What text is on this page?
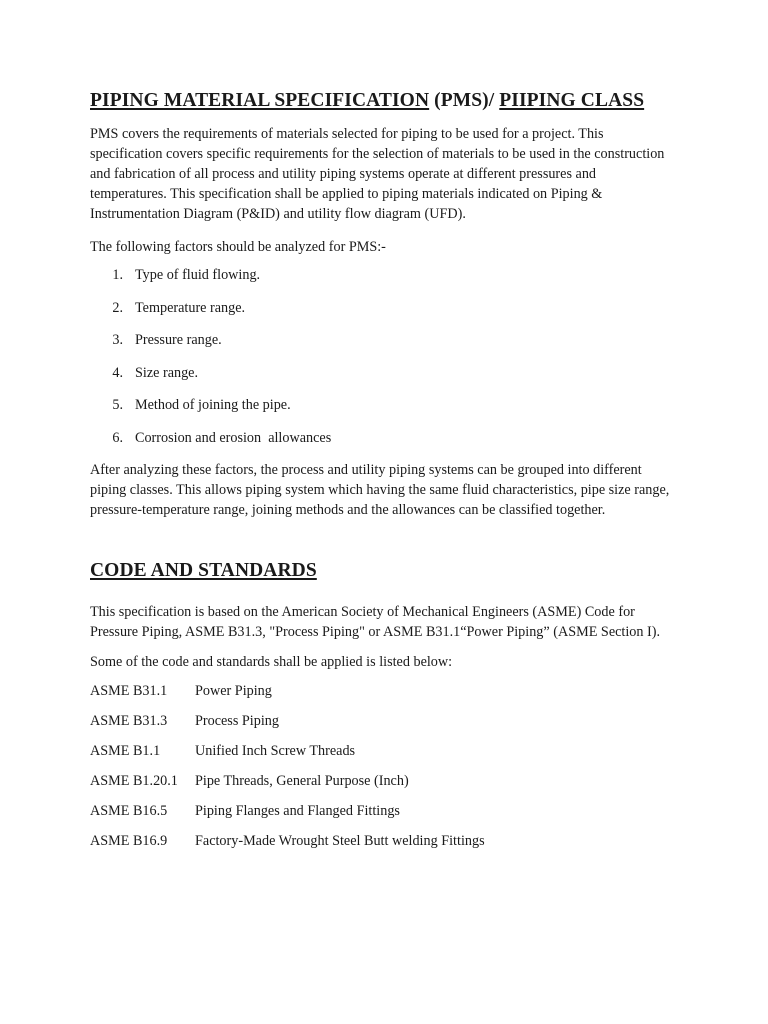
PIPING MATERIAL SPECIFICATION (PMS)/ PIIPING CLASS

PMS covers the requirements of materials selected for piping to be used for a project. This specification covers specific requirements for the selection of materials to be used in the construction and fabrication of all process and utility piping systems operate at different pressures and temperatures. This specification shall be applied to piping materials indicated on Piping & Instrumentation Diagram (P&ID) and utility flow diagram (UFD).

The following factors should be analyzed for PMS:-

1. Type of fluid flowing.
2. Temperature range.
3. Pressure range.
4. Size range.
5. Method of joining the pipe.
6. Corrosion and erosion  allowances

After analyzing these factors, the process and utility piping systems can be grouped into different piping classes. This allows piping system which having the same fluid characteristics, pipe size range, pressure-temperature range, joining methods and the allowances can be classified together.

CODE AND STANDARDS

This specification is based on the American Society of Mechanical Engineers (ASME) Code for Pressure Piping, ASME B31.3, "Process Piping" or ASME B31.1“Power Piping” (ASME Section I).

Some of the code and standards shall be applied is listed below:

ASME B31.1	Power Piping
ASME B31.3	Process Piping
ASME B1.1	Unified Inch Screw Threads
ASME B1.20.1	Pipe Threads, General Purpose (Inch)
ASME B16.5	Piping Flanges and Flanged Fittings
ASME B16.9	Factory-Made Wrought Steel Butt welding Fittings
